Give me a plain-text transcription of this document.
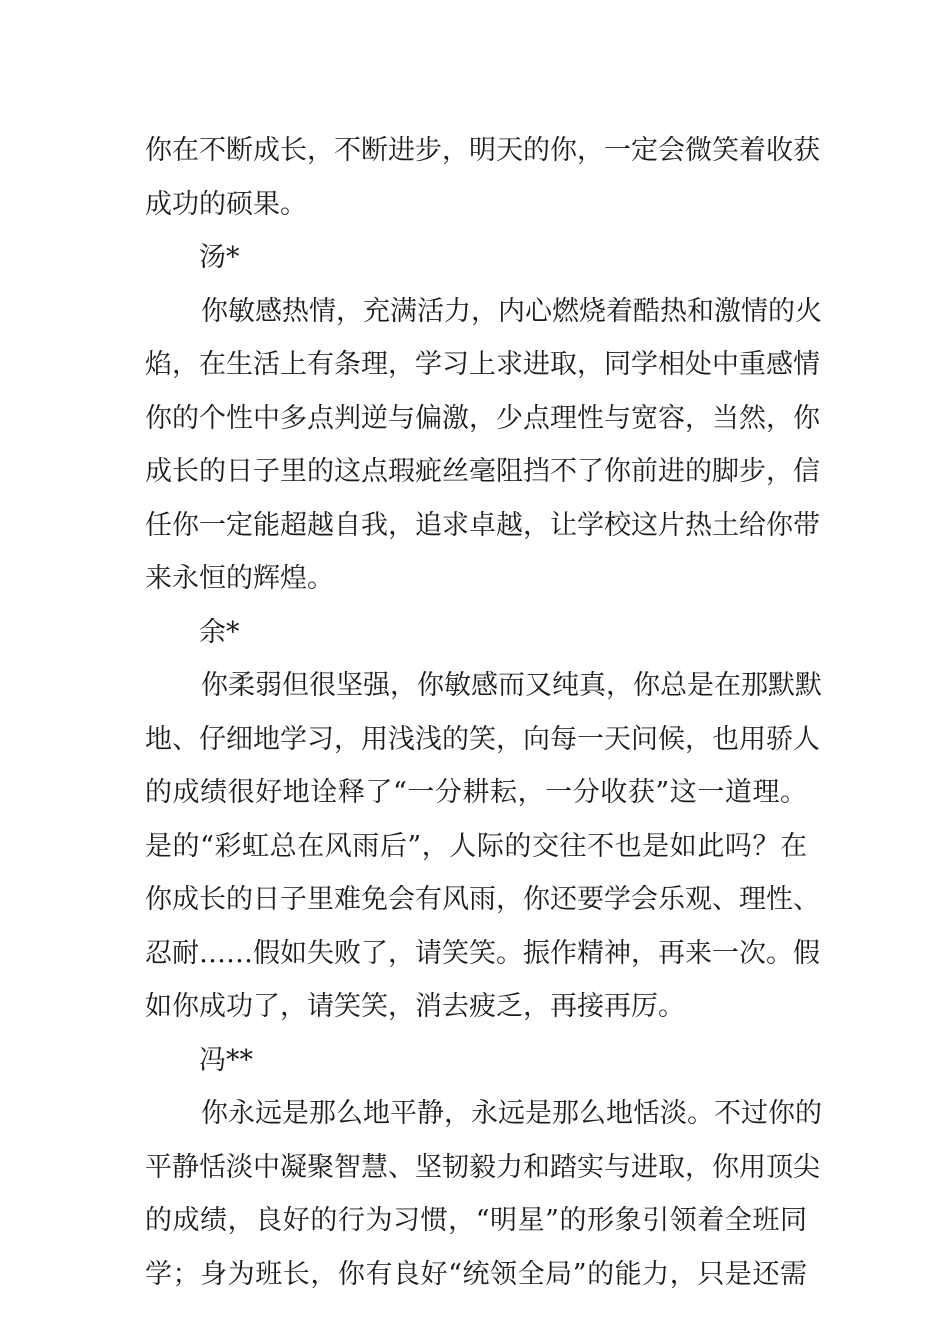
你在不断成长，不断进步，明天的你，一定会微笑着收获
成功的硕果。
汤*
你敏感热情，充满活力，内心燃烧着酷热和激情的火
焰，在生活上有条理，学习上求进取，同学相处中重感情
你的个性中多点判逆与偏激，少点理性与宽容，当然，你
成长的日子里的这点瑕疵丝毫阻挡不了你前进的脚步，信
任你一定能超越自我，追求卓越，让学校这片热土给你带
来永恒的辉煌。
余*
你柔弱但很坚强，你敏感而又纯真，你总是在那默默
地、仔细地学习，用浅浅的笑，向每一天问候，也用骄人
的成绩很好地诠释了“一分耕耘，一分收获”这一道理。
是的“彩虹总在风雨后”，人际的交往不也是如此吗？在
你成长的日子里难免会有风雨，你还要学会乐观、理性、
忍耐……假如失败了，请笑笑。振作精神，再来一次。假
如你成功了，请笑笑，消去疲乏，再接再厉。
冯**
你永远是那么地平静，永远是那么地恬淡。不过你的
平静恬淡中凝聚智慧、坚韧毅力和踏实与进取，你用顶尖
的成绩，良好的行为习惯，“明星”的形象引领着全班同
学；身为班长，你有良好“统领全局”的能力，只是还需
